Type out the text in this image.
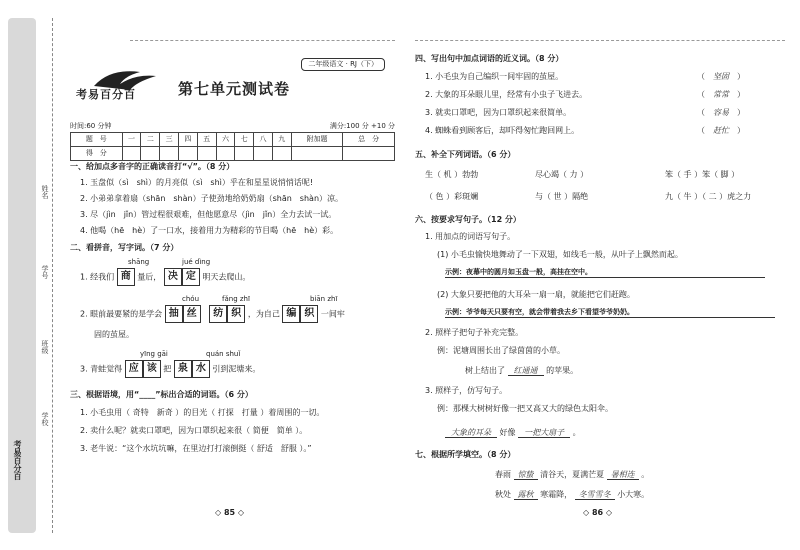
姓名
学号
班级
学校
考易百分百
考易百分百	第七单元测试卷
二年级语文 · RJ（下）
时间:60 分钟	满分:100 分 +10 分
题　号	一	二	三	四	五	六	七	八	九	附加题	总　分
得　分											
一、给加点多音字的正确读音打“√”。（8 分）
1. 玉盘似（sì　shì）的月亮似（sì　shì）乎在和星星说悄悄话呢!
2. 小弟弟拿着扇（shān　shàn）子使劲地给奶奶扇（shān　shàn）凉。
3. 尽（jìn　jǐn）管过程很艰难，但他愿意尽（jìn　jǐn）全力去试一试。
4. 他喝（hē　hè）了一口水，接着用力为精彩的节目喝（hē　hè）彩。
二、看拼音，写字词。（7 分）
shāng	jué dìng
1. 经我们 商 量后， 决 定 明天去爬山。
chóu	fǎng zhī	biān zhī
2. 眼前最要紧的是学会 抽 丝 纺 织 ，为自己 编 织 一间牢
固的茧屋。
yīng gāi	quán shuǐ
3. 青蛙觉得 应 该 把 泉 水 引到泥塘来。
三、根据语境，用“____”标出合适的词语。（6 分）
1. 小毛虫用（ 奇特　新奇 ）的目光（ 打探　打量 ）着周围的一切。
2. 卖什么呢？就卖口罩吧，因为口罩织起来很（ 简便　简单 ）。
3. 老牛说：“这个水坑坑嘛，在里边打打滚倒挺（ 舒适　舒服 ）。”
◇ 85 ◇
四、写出句中加点词语的近义词。（8 分）
1. 小毛虫为自己编织一间牢固的茧屋。
2. 大象的耳朵眼儿里，经常有小虫子飞进去。
3. 就卖口罩吧，因为口罩织起来很简单。
4. 蜘蛛看到顾客后，却吓得匆忙跑回网上。
（　坚固　）
（　常常　）
（　容易　）
（　赶忙　）
五、补全下列词语。（6 分）
生（ 机 ）勃勃	尽心竭（ 力 ）	笨（ 手 ）笨（ 脚 ）
（ 色 ）彩斑斓	与（ 世 ）隔绝	九（ 牛 ）（ 二 ）虎之力
六、按要求写句子。（12 分）
1. 用加点的词语写句子。
(1) 小毛虫愉快地舞动了一下双翅，如线毛一般，从叶子上飘然而起。
示例：夜幕中的圆月如玉盘一般，高挂在空中。
(2) 大象只要把他的大耳朵一扇一扇，就能把它们赶跑。
示例：爷爷每天只要有空，就会带着我去乡下看望爷爷奶奶。
2. 照样子把句子补充完整。
例：泥塘周围长出了绿茵茵的小草。
树上结出了 红通通 的苹果。
3. 照样子，仿写句子。
例：那棵大树树好像一把又高又大的绿色太阳伞。
大象的耳朵 好像 一把大扇子 。
七、根据所学填空。（8 分）
春雨 惊蛰 清谷天，夏满芒夏 暑相连 。
秋处 露秋 寒霜降， 冬雪雪冬 小大寒。
◇ 86 ◇
